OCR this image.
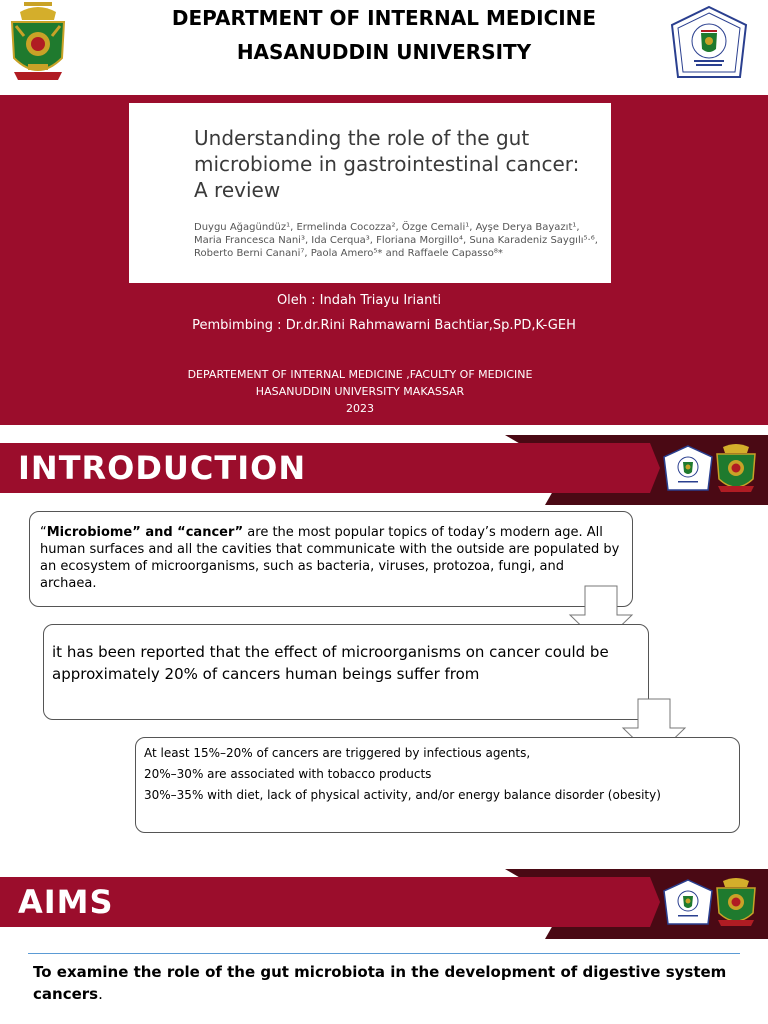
DEPARTMENT OF INTERNAL MEDICINE
HASANUDDIN UNIVERSITY
Understanding the role of the gut microbiome in gastrointestinal cancer: A review
Duygu Ağagündüz¹, Ermelinda Cocozza², Özge Cemali¹, Ayşe Derya Bayazıt¹, Maria Francesca Nani³, Ida Cerqua³, Floriana Morgillo⁴, Suna Karadeniz Saygılı⁵·⁶, Roberto Berni Canani⁷, Paola Amero⁵* and Raffaele Capasso⁸*
Oleh : Indah Triayu Irianti
Pembimbing : Dr.dr.Rini Rahmawarni Bachtiar,Sp.PD,K-GEH
DEPARTEMENT OF INTERNAL MEDICINE ,FACULTY OF MEDICINE
HASANUDDIN UNIVERSITY MAKASSAR
2023
INTRODUCTION

“Microbiome” and “cancer” are the most popular topics of today’s modern age. All human surfaces and all the cavities that communicate with the outside are populated by an ecosystem of microorganisms, such as bacteria, viruses, protozoa, fungi, and archaea.

it has been reported that the effect of microorganisms on cancer could be approximately 20% of cancers human beings suffer from

At least 15%–20% of cancers are triggered by infectious agents,

20%–30% are associated with tobacco products

30%–35% with diet, lack of physical activity, and/or energy balance disorder (obesity)

AIMS
To examine the role of the gut microbiota in the development of digestive system cancers.
